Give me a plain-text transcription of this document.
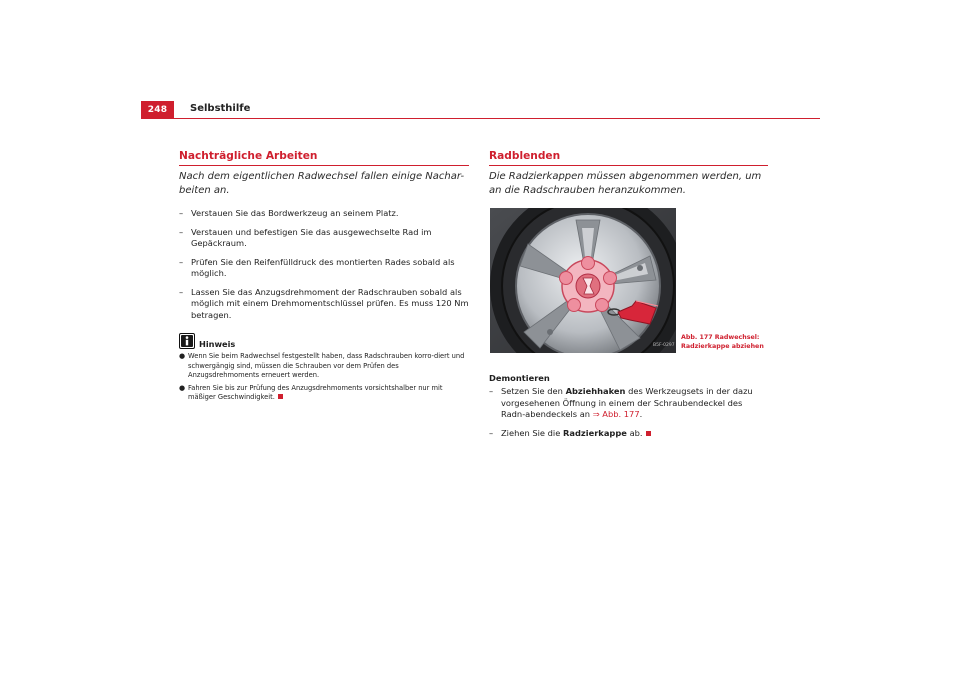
248	Selbsthilfe
Nachträgliche Arbeiten

Nach dem eigentlichen Radwechsel fallen einige Nachar-beiten an.

– Verstauen Sie das Bordwerkzeug an seinem Platz.
– Verstauen und befestigen Sie das ausgewechselte Rad im Gepäckraum.
– Prüfen Sie den Reifenfülldruck des montierten Rades sobald als möglich.
– Lassen Sie das Anzugsdrehmoment der Radschrauben sobald als möglich mit einem Drehmomentschlüssel prüfen. Es muss 120 Nm betragen.
Hinweis
● Wenn Sie beim Radwechsel festgestellt haben, dass Radschrauben korro-diert und schwergängig sind, müssen die Schrauben vor dem Prüfen des Anzugsdrehmoments erneuert werden.
● Fahren Sie bis zur Prüfung des Anzugsdrehmoments vorsichtshalber nur mit mäßiger Geschwindigkeit.
Radblenden

Die Radzierkappen müssen abgenommen werden, um an die Radschrauben heranzukommen.

B5F-0297
Abb. 177 Radwechsel:
Radzierkappe abziehen
Demontieren
– Setzen Sie den Abziehhaken des Werkzeugsets in der dazu vorgesehenen Öffnung in einem der Schraubendeckel des Radn-abendeckels an ⇒ Abb. 177.
– Ziehen Sie die Radzierkappe ab.
